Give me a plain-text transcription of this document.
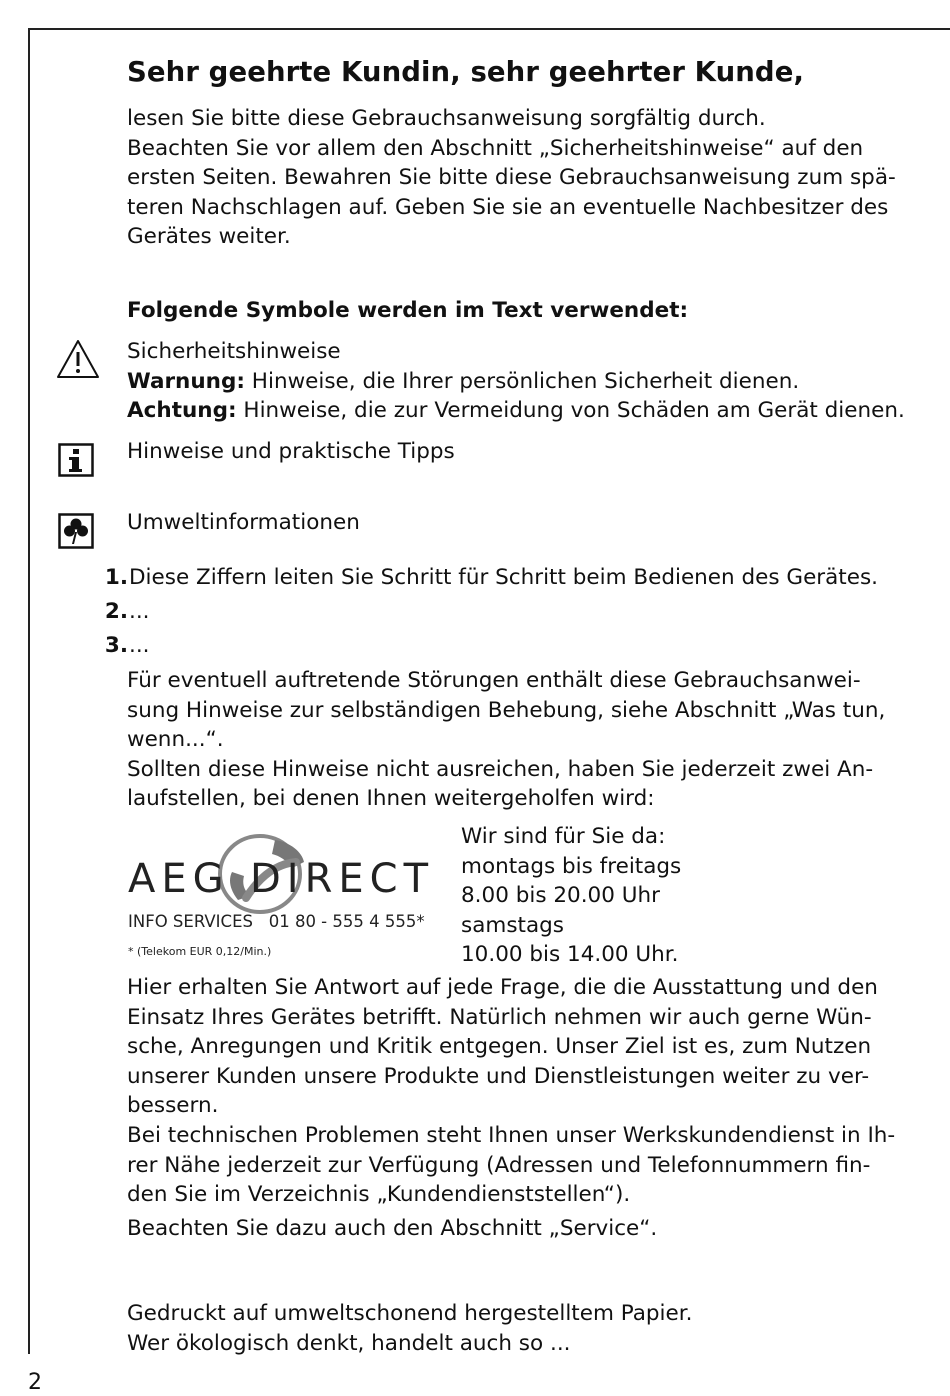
Sehr geehrte Kundin, sehr geehrter Kunde,

lesen Sie bitte diese Gebrauchsanweisung sorgfältig durch.
Beachten Sie vor allem den Abschnitt „Sicherheitshinweise“ auf den
ersten Seiten. Bewahren Sie bitte diese Gebrauchsanweisung zum spä-
teren Nachschlagen auf. Geben Sie sie an eventuelle Nachbesitzer des
Gerätes weiter.

Folgende Symbole werden im Text verwendet:
Sicherheitshinweise
Warnung: Hinweise, die Ihrer persönlichen Sicherheit dienen.
Achtung: Hinweise, die zur Vermeidung von Schäden am Gerät dienen.
Hinweise und praktische Tipps
Umweltinformationen
1. Diese Ziffern leiten Sie Schritt für Schritt beim Bedienen des Gerätes.
2. ...
3. ...

Für eventuell auftretende Störungen enthält diese Gebrauchsanwei-
sung Hinweise zur selbständigen Behebung, siehe Abschnitt „Was tun,
wenn...“.
Sollten diese Hinweise nicht ausreichen, haben Sie jederzeit zwei An-
laufstellen, bei denen Ihnen weitergeholfen wird:

AEG DIRECT
INFO SERVICES   01 80 - 555 4 555*
* (Telekom EUR 0,12/Min.)
Wir sind für Sie da:
montags bis freitags
8.00 bis 20.00 Uhr
samstags
10.00 bis 14.00 Uhr.

Hier erhalten Sie Antwort auf jede Frage, die die Ausstattung und den
Einsatz Ihres Gerätes betrifft. Natürlich nehmen wir auch gerne Wün-
sche, Anregungen und Kritik entgegen. Unser Ziel ist es, zum Nutzen
unserer Kunden unsere Produkte und Dienstleistungen weiter zu ver-
bessern.
Bei technischen Problemen steht Ihnen unser Werkskundendienst in Ih-
rer Nähe jederzeit zur Verfügung (Adressen und Telefonnummern fin-
den Sie im Verzeichnis „Kundendienststellen“).

Beachten Sie dazu auch den Abschnitt „Service“.

Gedruckt auf umweltschonend hergestelltem Papier.
Wer ökologisch denkt, handelt auch so ...

2
